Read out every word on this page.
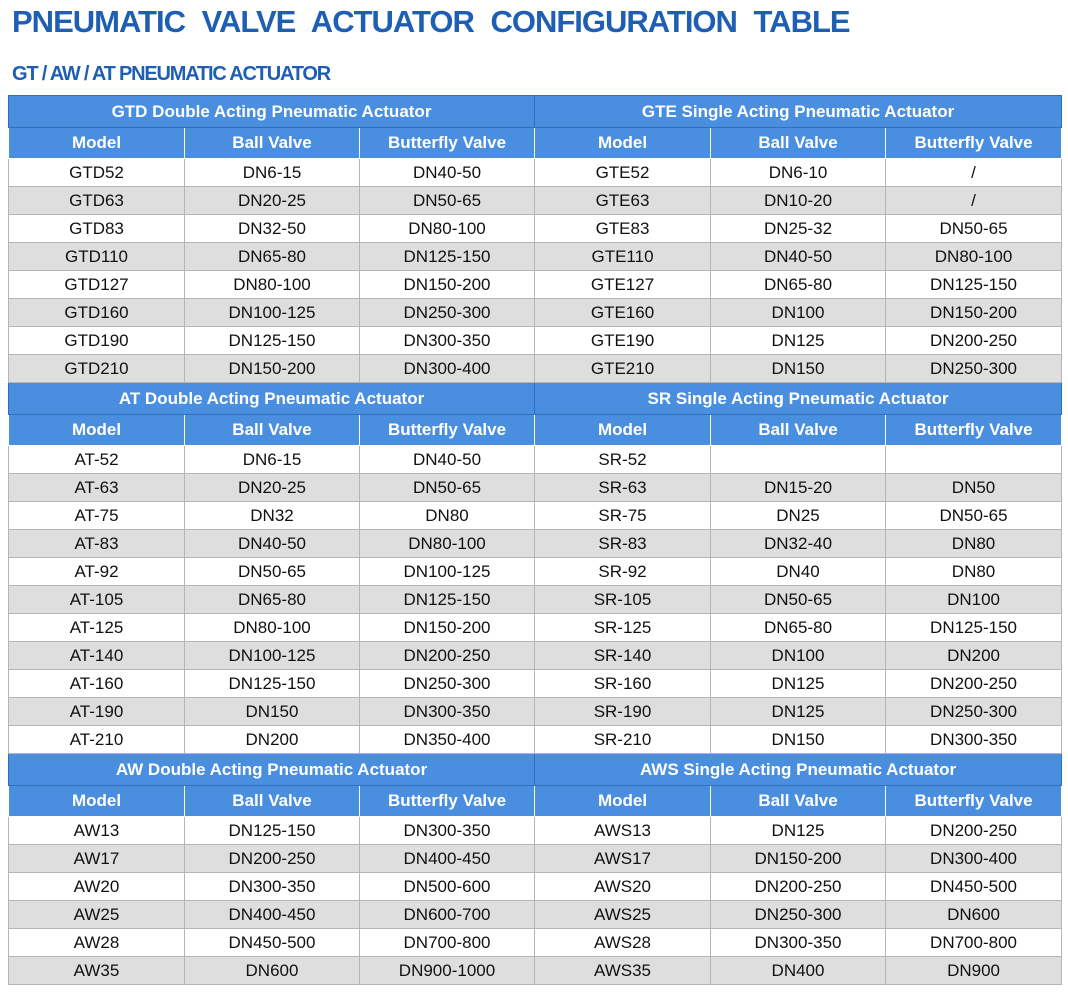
PNEUMATIC VALVE ACTUATOR CONFIGURATION TABLE
GT / AW / AT PNEUMATIC ACTUATOR
GTD Double Acting Pneumatic Actuator			GTE Single Acting Pneumatic Actuator		
Model	Ball Valve	Butterfly Valve	Model	Ball Valve	Butterfly Valve
GTD52	DN6-15	DN40-50	GTE52	DN6-10	/
GTD63	DN20-25	DN50-65	GTE63	DN10-20	/
GTD83	DN32-50	DN80-100	GTE83	DN25-32	DN50-65
GTD110	DN65-80	DN125-150	GTE110	DN40-50	DN80-100
GTD127	DN80-100	DN150-200	GTE127	DN65-80	DN125-150
GTD160	DN100-125	DN250-300	GTE160	DN100	DN150-200
GTD190	DN125-150	DN300-350	GTE190	DN125	DN200-250
GTD210	DN150-200	DN300-400	GTE210	DN150	DN250-300
AT Double Acting Pneumatic Actuator			SR Single Acting Pneumatic Actuator		
Model	Ball Valve	Butterfly Valve	Model	Ball Valve	Butterfly Valve
AT-52	DN6-15	DN40-50	SR-52		
AT-63	DN20-25	DN50-65	SR-63	DN15-20	DN50
AT-75	DN32	DN80	SR-75	DN25	DN50-65
AT-83	DN40-50	DN80-100	SR-83	DN32-40	DN80
AT-92	DN50-65	DN100-125	SR-92	DN40	DN80
AT-105	DN65-80	DN125-150	SR-105	DN50-65	DN100
AT-125	DN80-100	DN150-200	SR-125	DN65-80	DN125-150
AT-140	DN100-125	DN200-250	SR-140	DN100	DN200
AT-160	DN125-150	DN250-300	SR-160	DN125	DN200-250
AT-190	DN150	DN300-350	SR-190	DN125	DN250-300
AT-210	DN200	DN350-400	SR-210	DN150	DN300-350
AW Double Acting Pneumatic Actuator			AWS Single Acting Pneumatic Actuator		
Model	Ball Valve	Butterfly Valve	Model	Ball Valve	Butterfly Valve
AW13	DN125-150	DN300-350	AWS13	DN125	DN200-250
AW17	DN200-250	DN400-450	AWS17	DN150-200	DN300-400
AW20	DN300-350	DN500-600	AWS20	DN200-250	DN450-500
AW25	DN400-450	DN600-700	AWS25	DN250-300	DN600
AW28	DN450-500	DN700-800	AWS28	DN300-350	DN700-800
AW35	DN600	DN900-1000	AWS35	DN400	DN900
